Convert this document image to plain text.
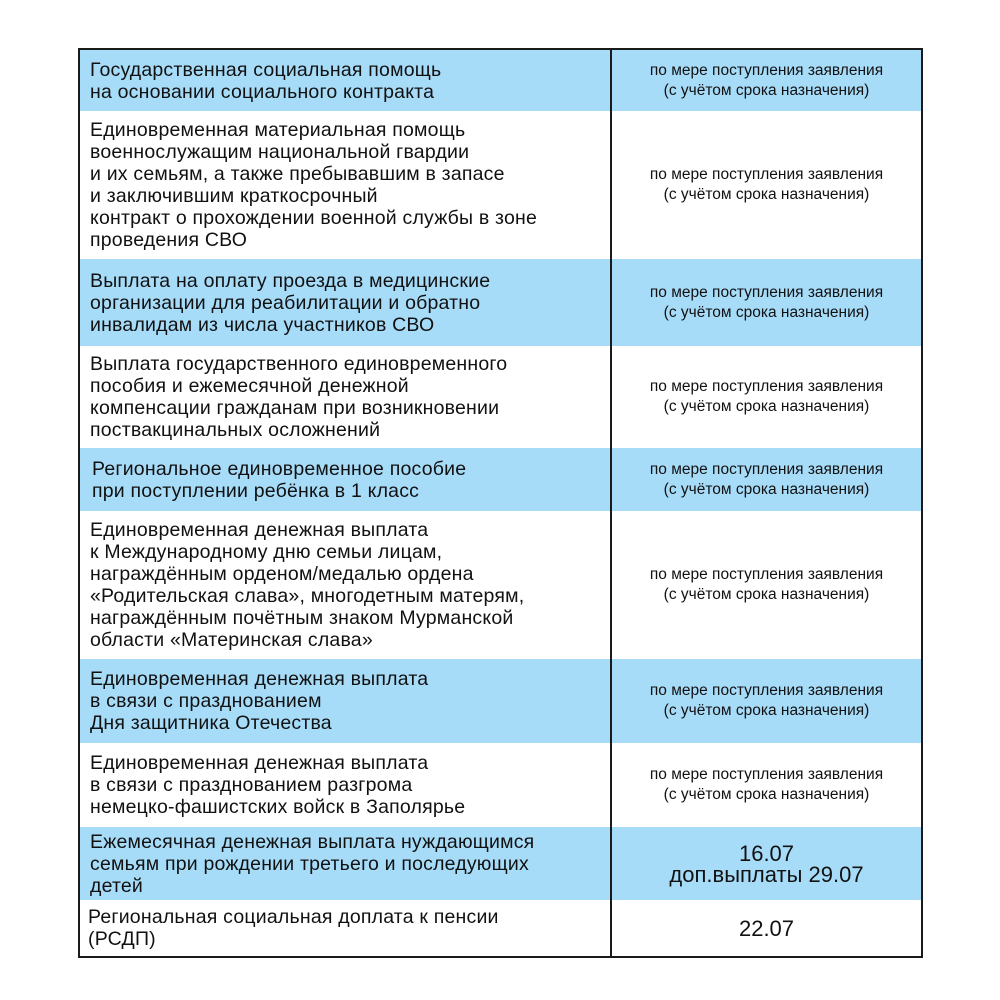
Государственная социальная помощь
на основании социального контракта
по мере поступления заявления
(с учётом срока назначения)
Единовременная материальная помощь
военнослужащим национальной гвардии
и их семьям, а также пребывавшим в запасе
и заключившим краткосрочный
контракт о прохождении военной службы в зоне
проведения СВО
по мере поступления заявления
(с учётом срока назначения)
Выплата на оплату проезда в медицинские
организации для реабилитации и обратно
инвалидам из числа участников СВО
по мере поступления заявления
(с учётом срока назначения)
Выплата государственного единовременного
пособия и ежемесячной денежной
компенсации гражданам при возникновении
поствакцинальных осложнений
по мере поступления заявления
(с учётом срока назначения)
Региональное единовременное пособие
при поступлении ребёнка в 1 класс
по мере поступления заявления
(с учётом срока назначения)
Единовременная денежная выплата
к Международному дню семьи лицам,
награждённым орденом/медалью ордена
«Родительская слава», многодетным матерям,
награждённым почётным знаком Мурманской
области «Материнская слава»
по мере поступления заявления
(с учётом срока назначения)
Единовременная денежная выплата
в связи с празднованием
Дня защитника Отечества
по мере поступления заявления
(с учётом срока назначения)
Единовременная денежная выплата
в связи с празднованием разгрома
немецко-фашистских войск в Заполярье
по мере поступления заявления
(с учётом срока назначения)
Ежемесячная денежная выплата нуждающимся
семьям при рождении третьего и последующих
детей
16.07
доп.выплаты 29.07
Региональная социальная доплата к пенсии
(РСДП)	22.07
